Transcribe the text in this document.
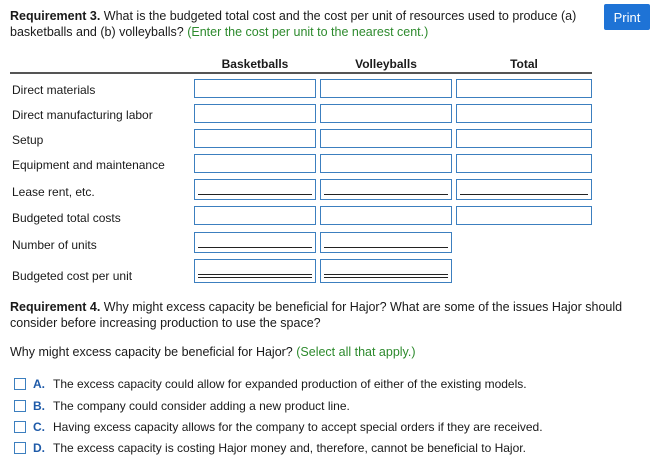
Requirement 3. What is the budgeted total cost and the cost per unit of resources used to produce (a) basketballs and (b) volleyballs? (Enter the cost per unit to the nearest cent.)
Print
Basketballs	Volleyballs	Total
Direct materials
Direct manufacturing labor
Setup
Equipment and maintenance
Lease rent, etc.
Budgeted total costs
Number of units
Budgeted cost per unit
Requirement 4. Why might excess capacity be beneficial for Hajor? What are some of the issues Hajor should consider before increasing production to use the space?
Why might excess capacity be beneficial for Hajor? (Select all that apply.)
A. The excess capacity could allow for expanded production of either of the existing models.
B. The company could consider adding a new product line.
C. Having excess capacity allows for the company to accept special orders if they are received.
D. The excess capacity is costing Hajor money and, therefore, cannot be beneficial to Hajor.
